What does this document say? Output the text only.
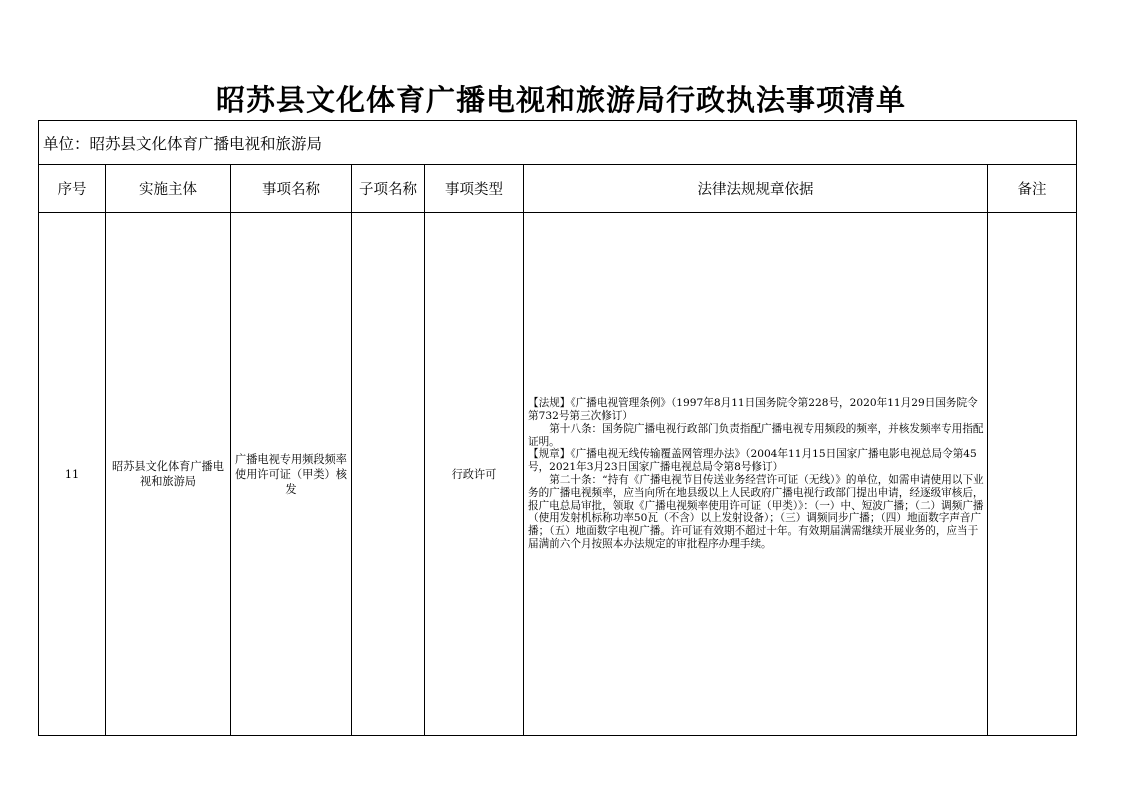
昭苏县文化体育广播电视和旅游局行政执法事项清单
单位：昭苏县文化体育广播电视和旅游局						
序号	实施主体	事项名称	子项名称	事项类型	法律法规规章依据	备注
11	昭苏县文化体育广播电视和旅游局	广播电视专用频段频率使用许可证（甲类）核发		行政许可	【法规】《广播电视管理条例》（1997年8月11日国务院令第228号，2020年11月29日国务院令第732号第三次修订）

第十八条：国务院广播电视行政部门负责指配广播电视专用频段的频率，并核发频率专用指配证明。

【规章】《广播电视无线传输覆盖网管理办法》（2004年11月15日国家广播电影电视总局令第45号，2021年3月23日国家广播电视总局令第8号修订）

第二十条：“持有《广播电视节目传送业务经营许可证（无线）》的单位，如需申请使用以下业务的广播电视频率，应当向所在地县级以上人民政府广播电视行政部门提出申请，经逐级审核后，报广电总局审批，领取《广播电视频率使用许可证（甲类）》：（一）中、短波广播；（二）调频广播（使用发射机标称功率50瓦（不含）以上发射设备）；（三）调频同步广播；（四）地面数字声音广播；（五）地面数字电视广播。许可证有效期不超过十年。有效期届满需继续开展业务的，应当于届满前六个月按照本办法规定的审批程序办理手续。	
